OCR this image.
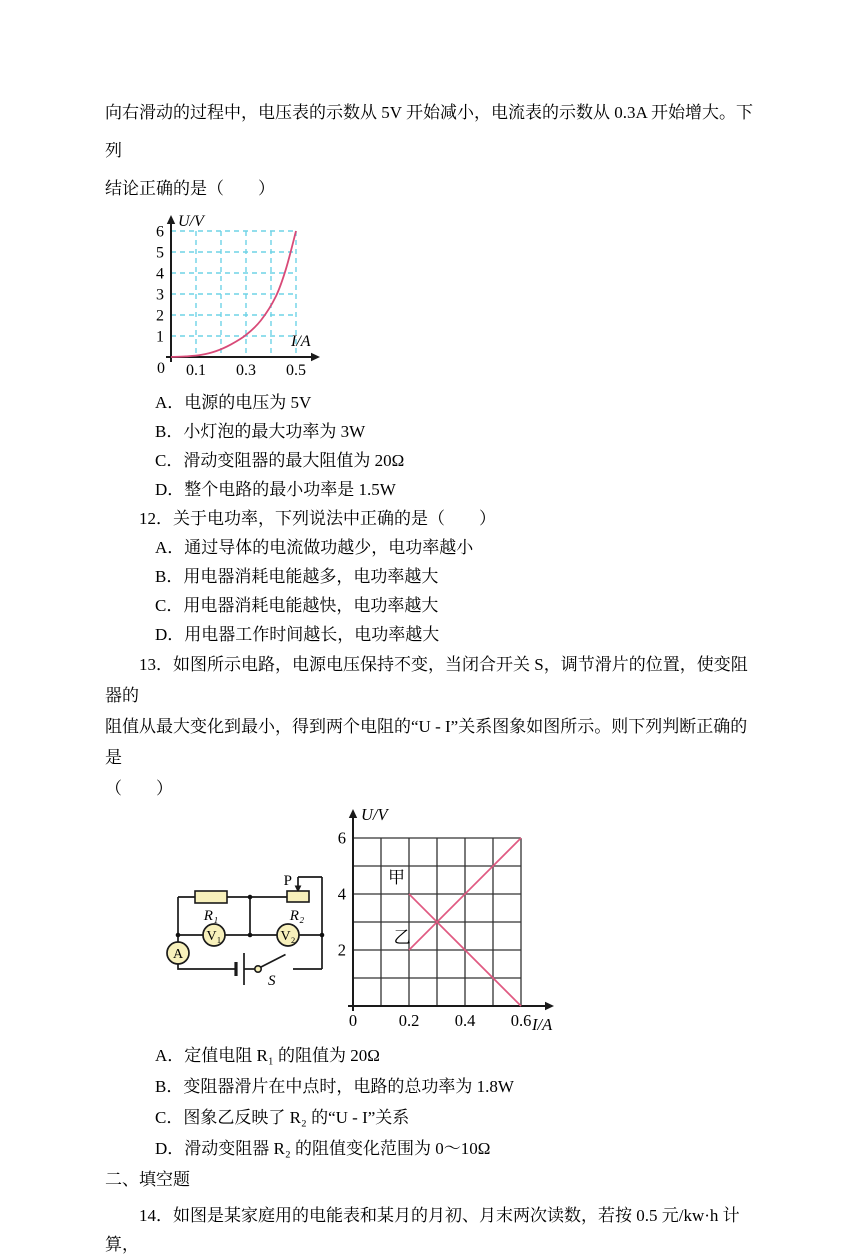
向右滑动的过程中，电压表的示数从 5V 开始减小，电流表的示数从 0.3A 开始增大。下列

结论正确的是（　　）

0.1 0.3 0.5
1
2
3
4
5
6
0
U/V
I/A

A．电源的电压为 5V

B．小灯泡的最大功率为 3W

C．滑动变阻器的最大阻值为 20Ω

D．整个电路的最小功率是 1.5W

12．关于电功率，下列说法中正确的是（　　）

A．通过导体的电流做功越少，电功率越小

B．用电器消耗电能越多，电功率越大

C．用电器消耗电能越快，电功率越大

D．用电器工作时间越长，电功率越大

13．如图所示电路，电源电压保持不变，当闭合开关 S，调节滑片的位置，使变阻器的

阻值从最大变化到最小，得到两个电阻的“U - I”关系图象如图所示。则下列判断正确的是

（　　）

R₁	R₂
V₁	V₂
A
P
S
0	0.2 0.4 0.6
2
4
6
U/V
I/A
甲
乙

A．定值电阻 R₁ 的阻值为 20Ω

B．变阻器滑片在中点时，电路的总功率为 1.8W

C．图象乙反映了 R₂ 的“U - I”关系

D．滑动变阻器 R₂ 的阻值变化范围为 0～10Ω

二、填空题

14．如图是某家庭用的电能表和某月的月初、月末两次读数，若按 0.5 元/kw·h 计算，
